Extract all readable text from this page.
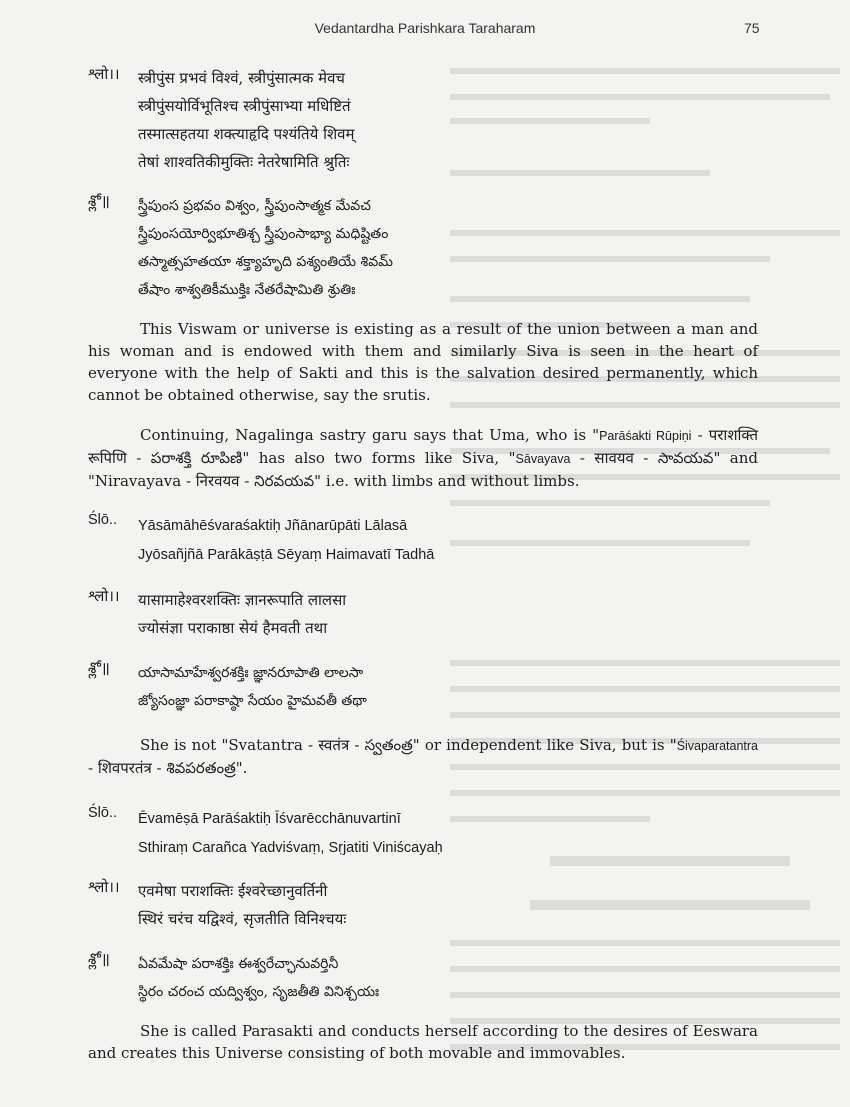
Vedantardha Parishkara Taraharam	75
श्लो।। स्त्रीपुंस प्रभवं विश्वं, स्त्रीपुंसात्मक मेवच
स्त्रीपुंसयोर्विभूतिश्च स्त्रीपुंसाभ्या मधिष्टितं
तस्मात्सहतया शक्त्याहृदि पश्यंतिये शिवम्
तेषां शाश्वतिकीमुक्तिः नेतरेषामिति श्रुतिः
శ్లో॥ స్త్రీపుంస ప్రభవం విశ్వం, స్త్రీపుంసాత్మక మేవచ
స్త్రీపుంసయోర్విభూతిశ్చ స్త్రీపుంసాభ్యా మధిష్టితం
తస్మాత్సహతయా శక్త్యాహృది పశ్యంతియే శివమ్
తేషాం శాశ్వతికీముక్తిః నేతరేషామితి శ్రుతిః

This Viswam or universe is existing as a result of the union between a man and his woman and is endowed with them and similarly Siva is seen in the heart of everyone with the help of Sakti and this is the salvation desired permanently, which cannot be obtained otherwise, say the srutis.

Continuing, Nagalinga sastry garu says that Uma, who is "Parāśakti Rūpiṇi - पराशक्ति रूपिणि - పరాశక్తి రూపిణి" has also two forms like Siva, "Sāvayava - सावयव - సావయవ" and "Niravayava - निरवयव - నిరవయవ" i.e. with limbs and without limbs.

Ślō.. Yāsāmāhēśvaraśaktiḥ Jñānarūpāti Lālasā
Jyōsañjñā Parākāṣṭā Sēyaṃ Haimavatī Tadhā
श्लो।। यासामाहेश्वरशक्तिः ज्ञानरूपाति लालसा
ज्योसंज्ञा पराकाष्ठा सेयं हैमवती तथा
శ్లో॥ యాసామాహేశ్వరశక్తిః జ్ఞానరూపాతి లాలసా
జ్యోసంజ్ఞా పరాకాష్ఠా సేయం హైమవతీ తథా

She is not "Svatantra - स्वतंत्र - స్వతంత్ర" or independent like Siva, but is "Śivaparatantra - शिवपरतंत्र - శివపరతంత్ర".

Ślō.. Ēvamēṣā Parāśaktiḥ Īśvarēcchānuvartinī
Sthiraṃ Carañca Yadviśvaṃ, Sṛjatiti Viniścayaḥ
श्लो।। एवमेषा पराशक्तिः ईश्वरेच्छानुवर्तिनी
स्थिरं चरंच यद्विश्वं, सृजतीति विनिश्चयः
శ్లో॥ ఏవమేషా పరాశక్తిః ఈశ్వరేచ్ఛానువర్తినీ
స్థిరం చరంచ యద్విశ్వం, సృజతీతి వినిశ్చయః

She is called Parasakti and conducts herself according to the desires of Eeswara and creates this Universe consisting of both movable and immovables.
